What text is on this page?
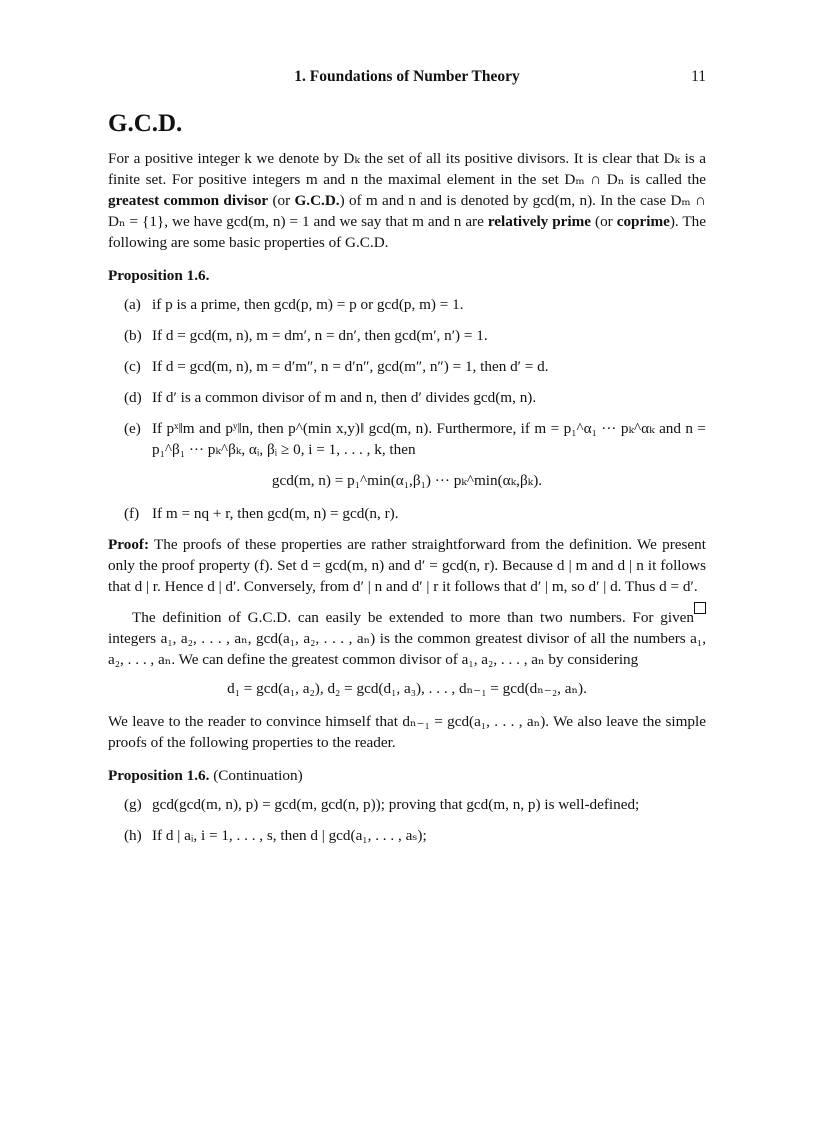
1. Foundations of Number Theory	11
G.C.D.

For a positive integer k we denote by Dₖ the set of all its positive divisors. It is clear that Dₖ is a finite set. For positive integers m and n the maximal element in the set Dₘ ∩ Dₙ is called the greatest common divisor (or G.C.D.) of m and n and is denoted by gcd(m, n). In the case Dₘ ∩ Dₙ = {1}, we have gcd(m, n) = 1 and we say that m and n are relatively prime (or coprime). The following are some basic properties of G.C.D.

Proposition 1.6.

(a) if p is a prime, then gcd(p, m) = p or gcd(p, m) = 1.
(b) If d = gcd(m, n), m = dm′, n = dn′, then gcd(m′, n′) = 1.
(c) If d = gcd(m, n), m = d′m″, n = d′n″, gcd(m″, n″) = 1, then d′ = d.
(d) If d′ is a common divisor of m and n, then d′ divides gcd(m, n).
(e) If pˣ‖m and pʸ‖n, then p^(min x,y)‖ gcd(m, n). Furthermore, if m = p₁^α₁ ··· pₖ^αₖ and n = p₁^β₁ ··· pₖ^βₖ, αᵢ, βᵢ ≥ 0, i = 1, . . . , k, then
gcd(m, n) = p₁^min(α₁,β₁) ··· pₖ^min(αₖ,βₖ).
(f) If m = nq + r, then gcd(m, n) = gcd(n, r).

Proof: The proofs of these properties are rather straightforward from the definition. We present only the proof property (f). Set d = gcd(m, n) and d′ = gcd(n, r). Because d | m and d | n it follows that d | r. Hence d | d′. Conversely, from d′ | n and d′ | r it follows that d′ | m, so d′ | d. Thus d = d′.

The definition of G.C.D. can easily be extended to more than two numbers. For given integers a₁, a₂, . . . , aₙ, gcd(a₁, a₂, . . . , aₙ) is the common greatest divisor of all the numbers a₁, a₂, . . . , aₙ. We can define the greatest common divisor of a₁, a₂, . . . , aₙ by considering

d₁ = gcd(a₁, a₂), d₂ = gcd(d₁, a₃), . . . , dₙ₋₁ = gcd(dₙ₋₂, aₙ).

We leave to the reader to convince himself that dₙ₋₁ = gcd(a₁, . . . , aₙ). We also leave the simple proofs of the following properties to the reader.

Proposition 1.6. (Continuation)

(g) gcd(gcd(m, n), p) = gcd(m, gcd(n, p)); proving that gcd(m, n, p) is well-defined;
(h) If d | aᵢ, i = 1, . . . , s, then d | gcd(a₁, . . . , aₛ);
